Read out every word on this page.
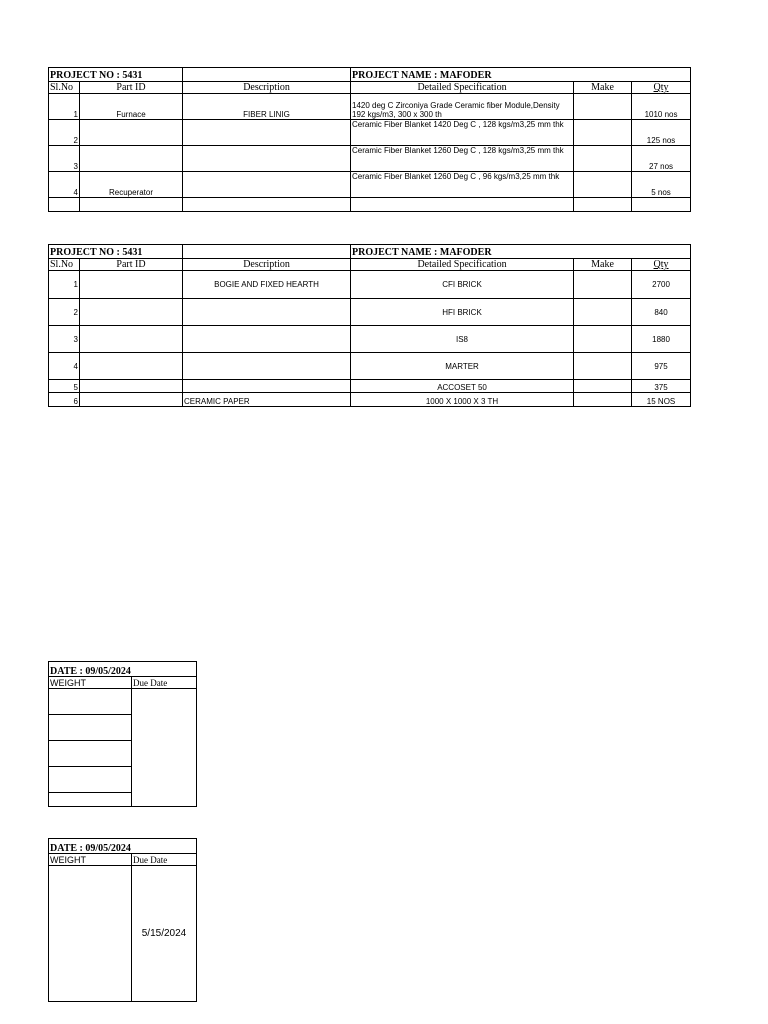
PROJECT NO : 5431			PROJECT NAME : MAFODER		
Sl.No	Part ID	Description	Detailed Specification	Make	Qty
1	Furnace	FIBER LINIG	1420 deg C Zirconiya Grade Ceramic fiber Module,Density 192 kgs/m3, 300 x 300 th		1010 nos
2			Ceramic Fiber Blanket 1420 Deg C , 128 kgs/m3,25 mm thk		125 nos
3			Ceramic Fiber Blanket 1260 Deg C , 128 kgs/m3,25 mm thk		27 nos
4	Recuperator		Ceramic Fiber Blanket 1260 Deg C , 96 kgs/m3,25 mm thk		5 nos

PROJECT NO : 5431			PROJECT NAME : MAFODER		
Sl.No	Part ID	Description	Detailed Specification	Make	Qty
1		BOGIE AND FIXED HEARTH	CFI BRICK		2700
2			HFI BRICK		840
3			IS8		1880
4			MARTER		975
5			ACCOSET 50		375
6		CERAMIC PAPER	1000 X 1000 X 3 TH		15 NOS
DATE : 09/05/2024	
WEIGHT	Due Date

DATE : 09/05/2024	
WEIGHT	Due Date
	5/15/2024
